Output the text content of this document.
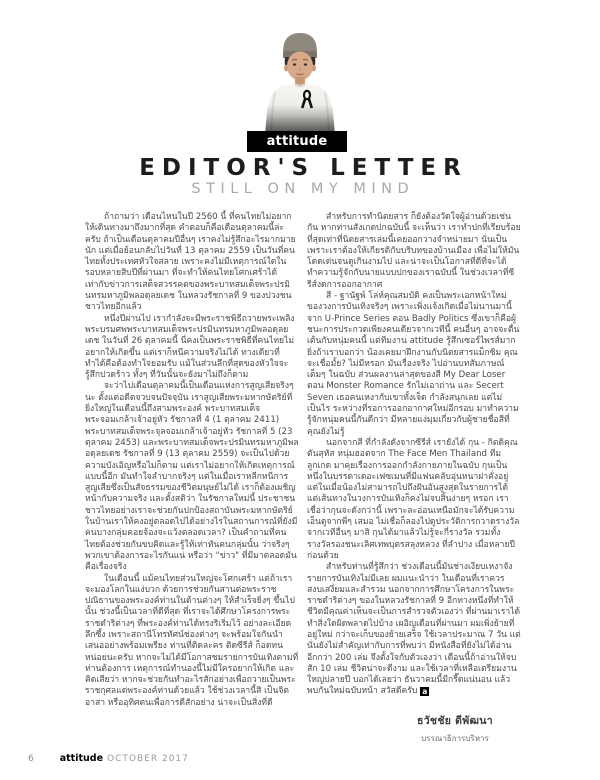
attitude
EDITOR'S LETTER
STILL ON MY MIND

ถ้าถามว่า เดือนไหนในปี 2560 นี้ ที่คนไทยไม่อยากให้เดินทางมาถึงมากที่สุด คำตอบก็คือเดือนตุลาคมนี้ล่ะครับ ถ้าเป็นเดือนตุลาคมปีอื่นๆ เราคงไม่รู้สึกอะไรมากมายนัก แต่เมื่อย้อนกลับไปวันที่ 13 ตุลาคม 2559 เป็นวันที่คนไทยทั้งประเทศหัวใจสลาย เพราะคงไม่มีเหตุการณ์ใดในรอบหลายสิบปีที่ผ่านมา ที่จะทำให้คนไทยโศกเศร้าได้เท่ากับข่าวการเสด็จสวรรคตของพระบาทสมเด็จพระปรมินทรมหาภูมิพลอดุลยเดช ในหลวงรัชกาลที่ 9 ของปวงชนชาวไทยอีกแล้ว

หนึ่งปีผ่านไป เรากำลังจะมีพระราชพิธีถวายพระเพลิงพระบรมศพพระบาทสมเด็จพระปรมินทรมหาภูมิพลอดุลยเดช ในวันที่ 26 ตุลาคมนี้ นี่คงเป็นพระราชพิธีที่คนไทยไม่อยากให้เกิดขึ้น แต่เราก็หนีความจริงไม่ได้ ทางเดียวที่ทำได้คือต้องทำใจยอมรับ แม้ในส่วนลึกที่สุดของหัวใจจะรู้สึกปวดร้าว ทั้งๆ ที่วันนั้นจะยังมาไม่ถึงก็ตาม

จะว่าไปเดือนตุลาคมนี้เป็นเดือนแห่งการสูญเสียจริงๆ นะ ตั้งแต่อดีตจวบจนปัจจุบัน เราสูญเสียพระมหากษัตริย์ที่ยิ่งใหญ่ในเดือนนี้ถึงสามพระองค์ พระบาทสมเด็จพระจอมเกล้าเจ้าอยู่หัว รัชกาลที่ 4 (1 ตุลาคม 2411) พระบาทสมเด็จพระจุลจอมเกล้าเจ้าอยู่หัว รัชกาลที่ 5 (23 ตุลาคม 2453) และพระบาทสมเด็จพระปรมินทรมหาภูมิพลอดุลยเดช รัชกาลที่ 9 (13 ตุลาคม 2559) จะเป็นไปด้วยความบังเอิญหรือไม่ก็ตาม แต่เราไม่อยากให้เกิดเหตุการณ์แบบนี้อีก มันทำใจลำบากจริงๆ แต่ในเมื่อเราหลีกหนีการสูญเสียซึ่งเป็นสัจธรรมของชีวิตมนุษย์ไม่ได้ เราก็ต้องเผชิญหน้ากับความจริง และตั้งสติว่า ในรัชกาลใหม่นี้ ประชาชนชาวไทยอย่างเราจะช่วยกันปกป้องสถาบันพระมหากษัตริย์ในบ้านเราให้คงอยู่ตลอดไปได้อย่างไรในสถานการณ์ที่ยังมีคนบางกลุ่มคอยจ้องจะแว้งตลอดเวลา? เป็นคำถามที่คนไทยต้องช่วยกันขบคิดและรู้ให้เท่าทันคนกลุ่มนั้น ว่าจริงๆ พวกเขาต้องการอะไรกันแน่ หรือว่า "ข่าว" ที่มีมาตลอดมันคือเรื่องจริง

ในเดือนนี้ แม้คนไทยส่วนใหญ่จะโศกเศร้า แต่ถ้าเราจะมองโลกในแง่บวก ด้วยการช่วยกันสานต่อพระราชปณิธานของพระองค์ท่านในด้านต่างๆ ให้สำเร็จยิ่งๆ ขึ้นไปนั้น ช่วงนี้เป็นเวลาที่ดีที่สุด ที่เราจะได้ศึกษาโครงการพระราชดำริต่างๆ ที่พระองค์ท่านได้ทรงริเริ่มไว้ อย่างละเอียดลึกซึ้ง เพราะสถานีโทรทัศน์ช่องต่างๆ จะพร้อมใจกันนำเสนออย่างพร้อมเพรียง ท่านที่ติดละคร ติดซีรีส์ ก็อดทนหน่อยนะครับ หากจะไม่ได้มีโอกาสชมรายการบันเทิงตามที่ท่านต้องการ เหตุการณ์ทำนองนี้ไม่มีใครอยากให้เกิด และคิดเสียว่า หากจะช่วยกันทำอะไรสักอย่างเพื่อถวายเป็นพระราชกุศลแด่พระองค์ท่านด้วยแล้ว ใช้ช่วงเวลานี้สิ เป็นจิตอาสา หรืออุทิศตนเพื่อการดีสักอย่าง น่าจะเป็นสิ่งที่ดี

สำหรับการทำนิตยสาร ก็ยังต้องวัดใจผู้อ่านด้วยเช่นกัน หากท่านสังเกตปกฉบับนี้ จะเห็นว่า เราทำปกที่เรียบร้อยที่สุดเท่าที่นิตยสารเล่มนี้เคยออกวางจำหน่ายมา นั่นเป็นเพราะเราต้องให้เกียรติกับบริบทของบ้านเมือง เพื่อไม่ให้มันโดดเด่นจนดูเกินงามไป และน่าจะเป็นโอกาสที่ดีที่จะได้ทำความรู้จักกับนายแบบปกของเราฉบับนี้ ในช่วงเวลาที่ซีรีส์งดการออกอากาศ

สี - ฐานัฐพ์ โล่ห์คุณสมบัติ คงเป็นพระเอกหน้าใหม่ของวงการบันเทิงจริงๆ เพราะเพิ่งแจ้งเกิดเมื่อไม่นานมานี้จาก U-Prince Series ตอน Badly Politics ซึ่งเขาก็คือผู้ชนะการประกวดเพียงคนเดียวจากเวทีนี้ คนอื่นๆ อาจจะตื่นเต้นกับหนุ่มคนนี้ แต่ทีมงาน attitude รู้สึกเซอร์ไพรส์มาก ยิ่งถ้าเราบอกว่า น้องเคยมาฝึกงานกับนิตยสารแม็กซิม คุณจะเชื่อมั้ย? ไม่มีหรอก มันเรื่องจริง ไปอ่านบทสัมภาษณ์เต็มๆ ในฉบับ ส่วนผลงานล่าสุดของสี My Dear Loser ตอน Monster Romance รักไม่เอาถ่าน และ Secert Seven เธอคนเหงากับเขาทั้งเจ็ด กำลังสนุกเลย แต่ไม่เป็นไร ระหว่างที่รอการออกอากาศใหม่อีกรอบ มาทำความรู้จักหนุ่มคนนี้กันดีกว่า มีหลายแง่มุมเกี่ยวกับผู้ชายชื่อสีที่คุณยังไม่รู้

นอกจากสี ที่กำลังดังจากซีรีส์ เรายังได้ กุน - กิตติคุณ ตันสุหัส หนุ่มฮอตจาก The Face Men Thailand ทีมลูกเกด มาคุยเรื่องการออกกำลังกายภายในฉบับ กุนเป็นหนึ่งในบรรดาเดอะเฟซเมนที่มีแฟนคลับอุ่นหนาฝาคั่งอยู่ แต่ในเมื่อน้องไม่สามารถไปถึงฝันอันสูงสุดในรายการได้ แต่เส้นทางในวงการบันเทิงก็คงไม่จบสิ้นง่ายๆ หรอก เราเชื่อว่ากุนจะดังกว่านี้ เพราะละอ่อนเหนือมักจะได้รับความเอ็นดูจากพี่ๆ เสมอ ไม่เชื่อก็ลองไปดูประวัติการกวาดรางวัลจากเวทีอื่นๆ มาสิ กุนได้มาแล้วไม่รู้จะกี่รางวัล รวมทั้งรางวัลรองชนะเลิศเทพบุตรสลุงหลวง ที่ลำปาง เมื่อหลายปีก่อนด้วย

สำหรับท่านที่รู้สึกว่า ช่วงเดือนนี้มันช่างเงียบเหงาจัง รายการบันเทิงไม่มีเลย ผมแนะนำว่า ในเดือนที่เราควรสงบเสงี่ยมและสำรวม นอกจากการศึกษาโครงการในพระราชดำริต่างๆ ของในหลวงรัชกาลที่ 9 อีกทางหนึ่งที่ทำให้ชีวิตมีคุณค่าเห็นจะเป็นการสำรวจตัวเองว่า ที่ผ่านมาเราได้ทำสิ่งใดผิดพลาดไปบ้าง เผอิญเดือนที่ผ่านมา ผมเพิ่งย้ายที่อยู่ใหม่ กว่าจะเก็บของย้ายเสร็จ ใช้เวลาประมาณ 7 วัน แต่นั่นยังไม่สำคัญเท่ากับการที่พบว่า มีหนังสือที่ยังไม่ได้อ่านอีกกว่า 200 เล่ม จึงตั้งใจกับตัวเองว่า เดือนนี้ถ้าอ่านให้จบสัก 10 เล่ม ชีวิตน่าจะดีงาม และใช้เวลาที่เหลือเตรียมงานใหญ่ปลายปี บอกได้เลยว่า ธันวาคมนี้มีกรี๊ดแน่นอน แล้วพบกันใหม่ฉบับหน้า สวัสดีครับ a

ธวัชชัย ดีพัฒนา
บรรณาธิการบริหาร
6	attitude OCTOBER 2017
